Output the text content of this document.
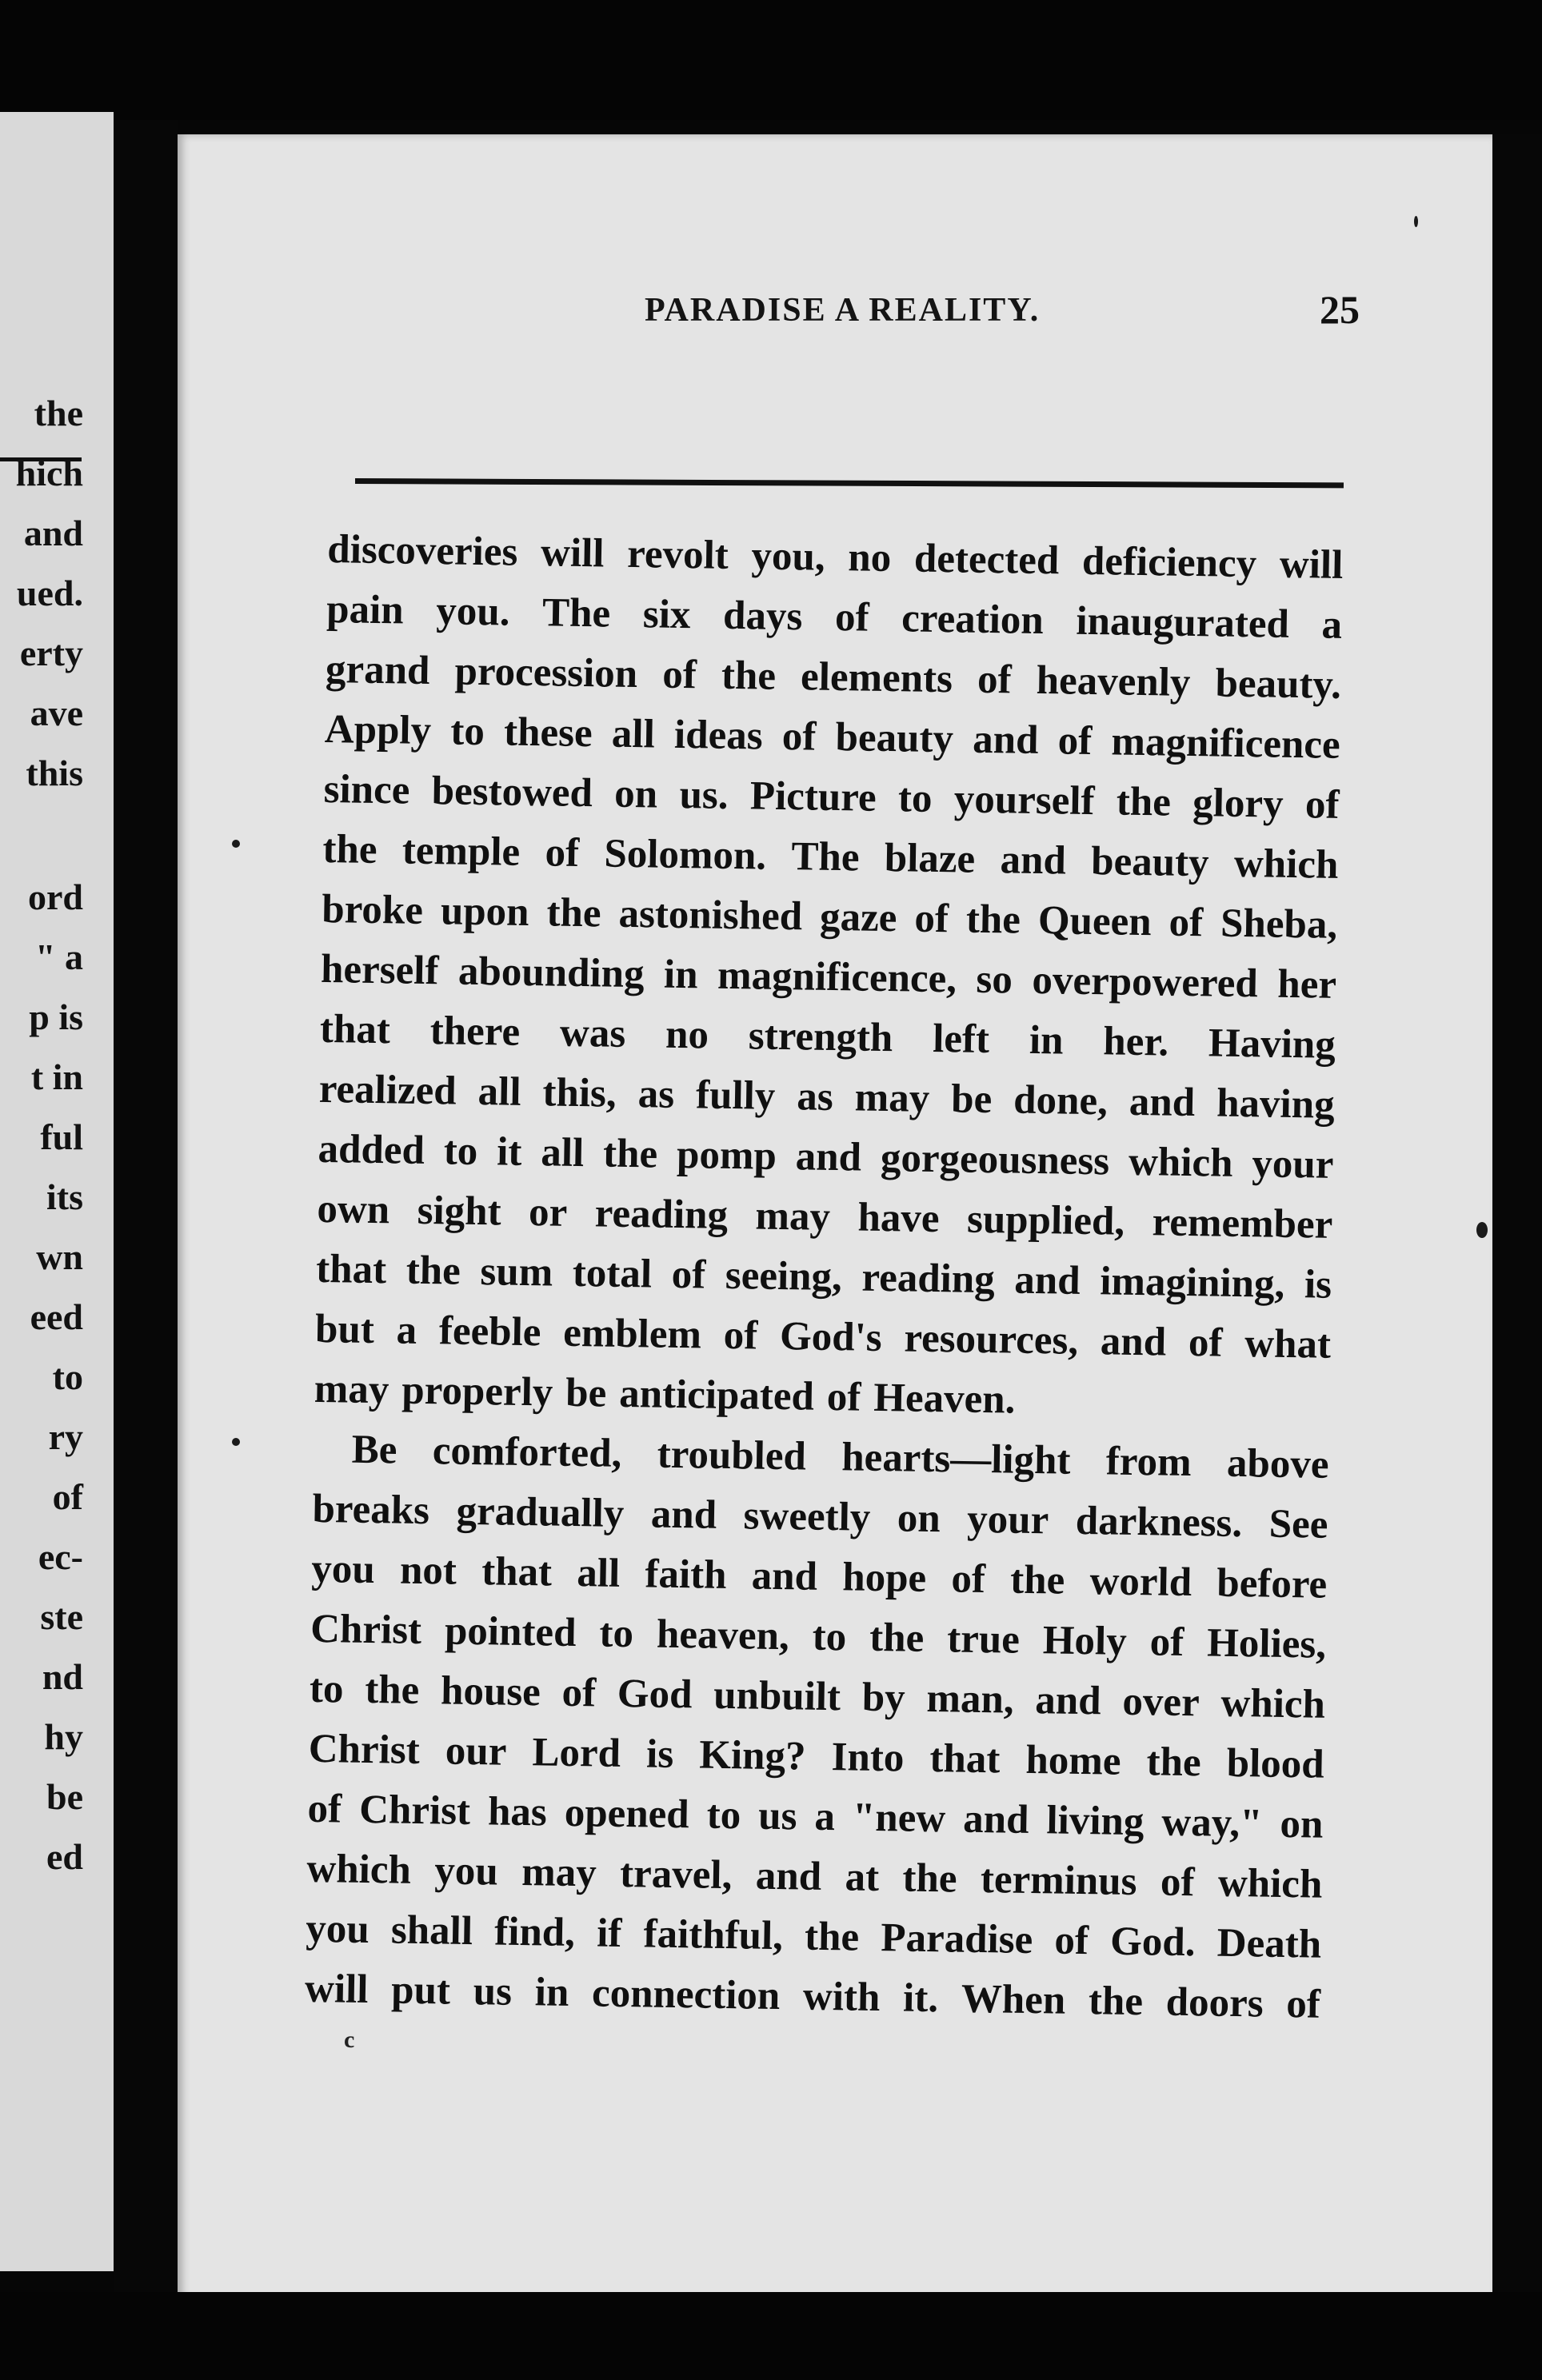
the
hich
and
ued.
erty
ave
this
ord
" a
p is
t in
ful
its
wn
eed
to
ry
of
ec-
ste
nd
hy
be
ed
PARADISE A REALITY.	25
discoveries will revolt you, no detected deficiency will
pain you. The six days of creation inaugurated a
grand procession of the elements of heavenly beauty.
Apply to these all ideas of beauty and of magnificence
since bestowed on us. Picture to yourself the glory of
the temple of Solomon. The blaze and beauty which
broke upon the astonished gaze of the Queen of Sheba,
herself abounding in magnificence, so overpowered her
that there was no strength left in her. Having
realized all this, as fully as may be done, and having
added to it all the pomp and gorgeousness which your
own sight or reading may have supplied, remember
that the sum total of seeing, reading and imagining, is
but a feeble emblem of God's resources, and of what
may properly be anticipated of Heaven.
Be comforted, troubled hearts—light from above
breaks gradually and sweetly on your darkness. See
you not that all faith and hope of the world before
Christ pointed to heaven, to the true Holy of Holies,
to the house of God unbuilt by man, and over which
Christ our Lord is King? Into that home the blood
of Christ has opened to us a "new and living way," on
which you may travel, and at the terminus of which
you shall find, if faithful, the Paradise of God. Death
will put us in connection with it. When the doors of
c
